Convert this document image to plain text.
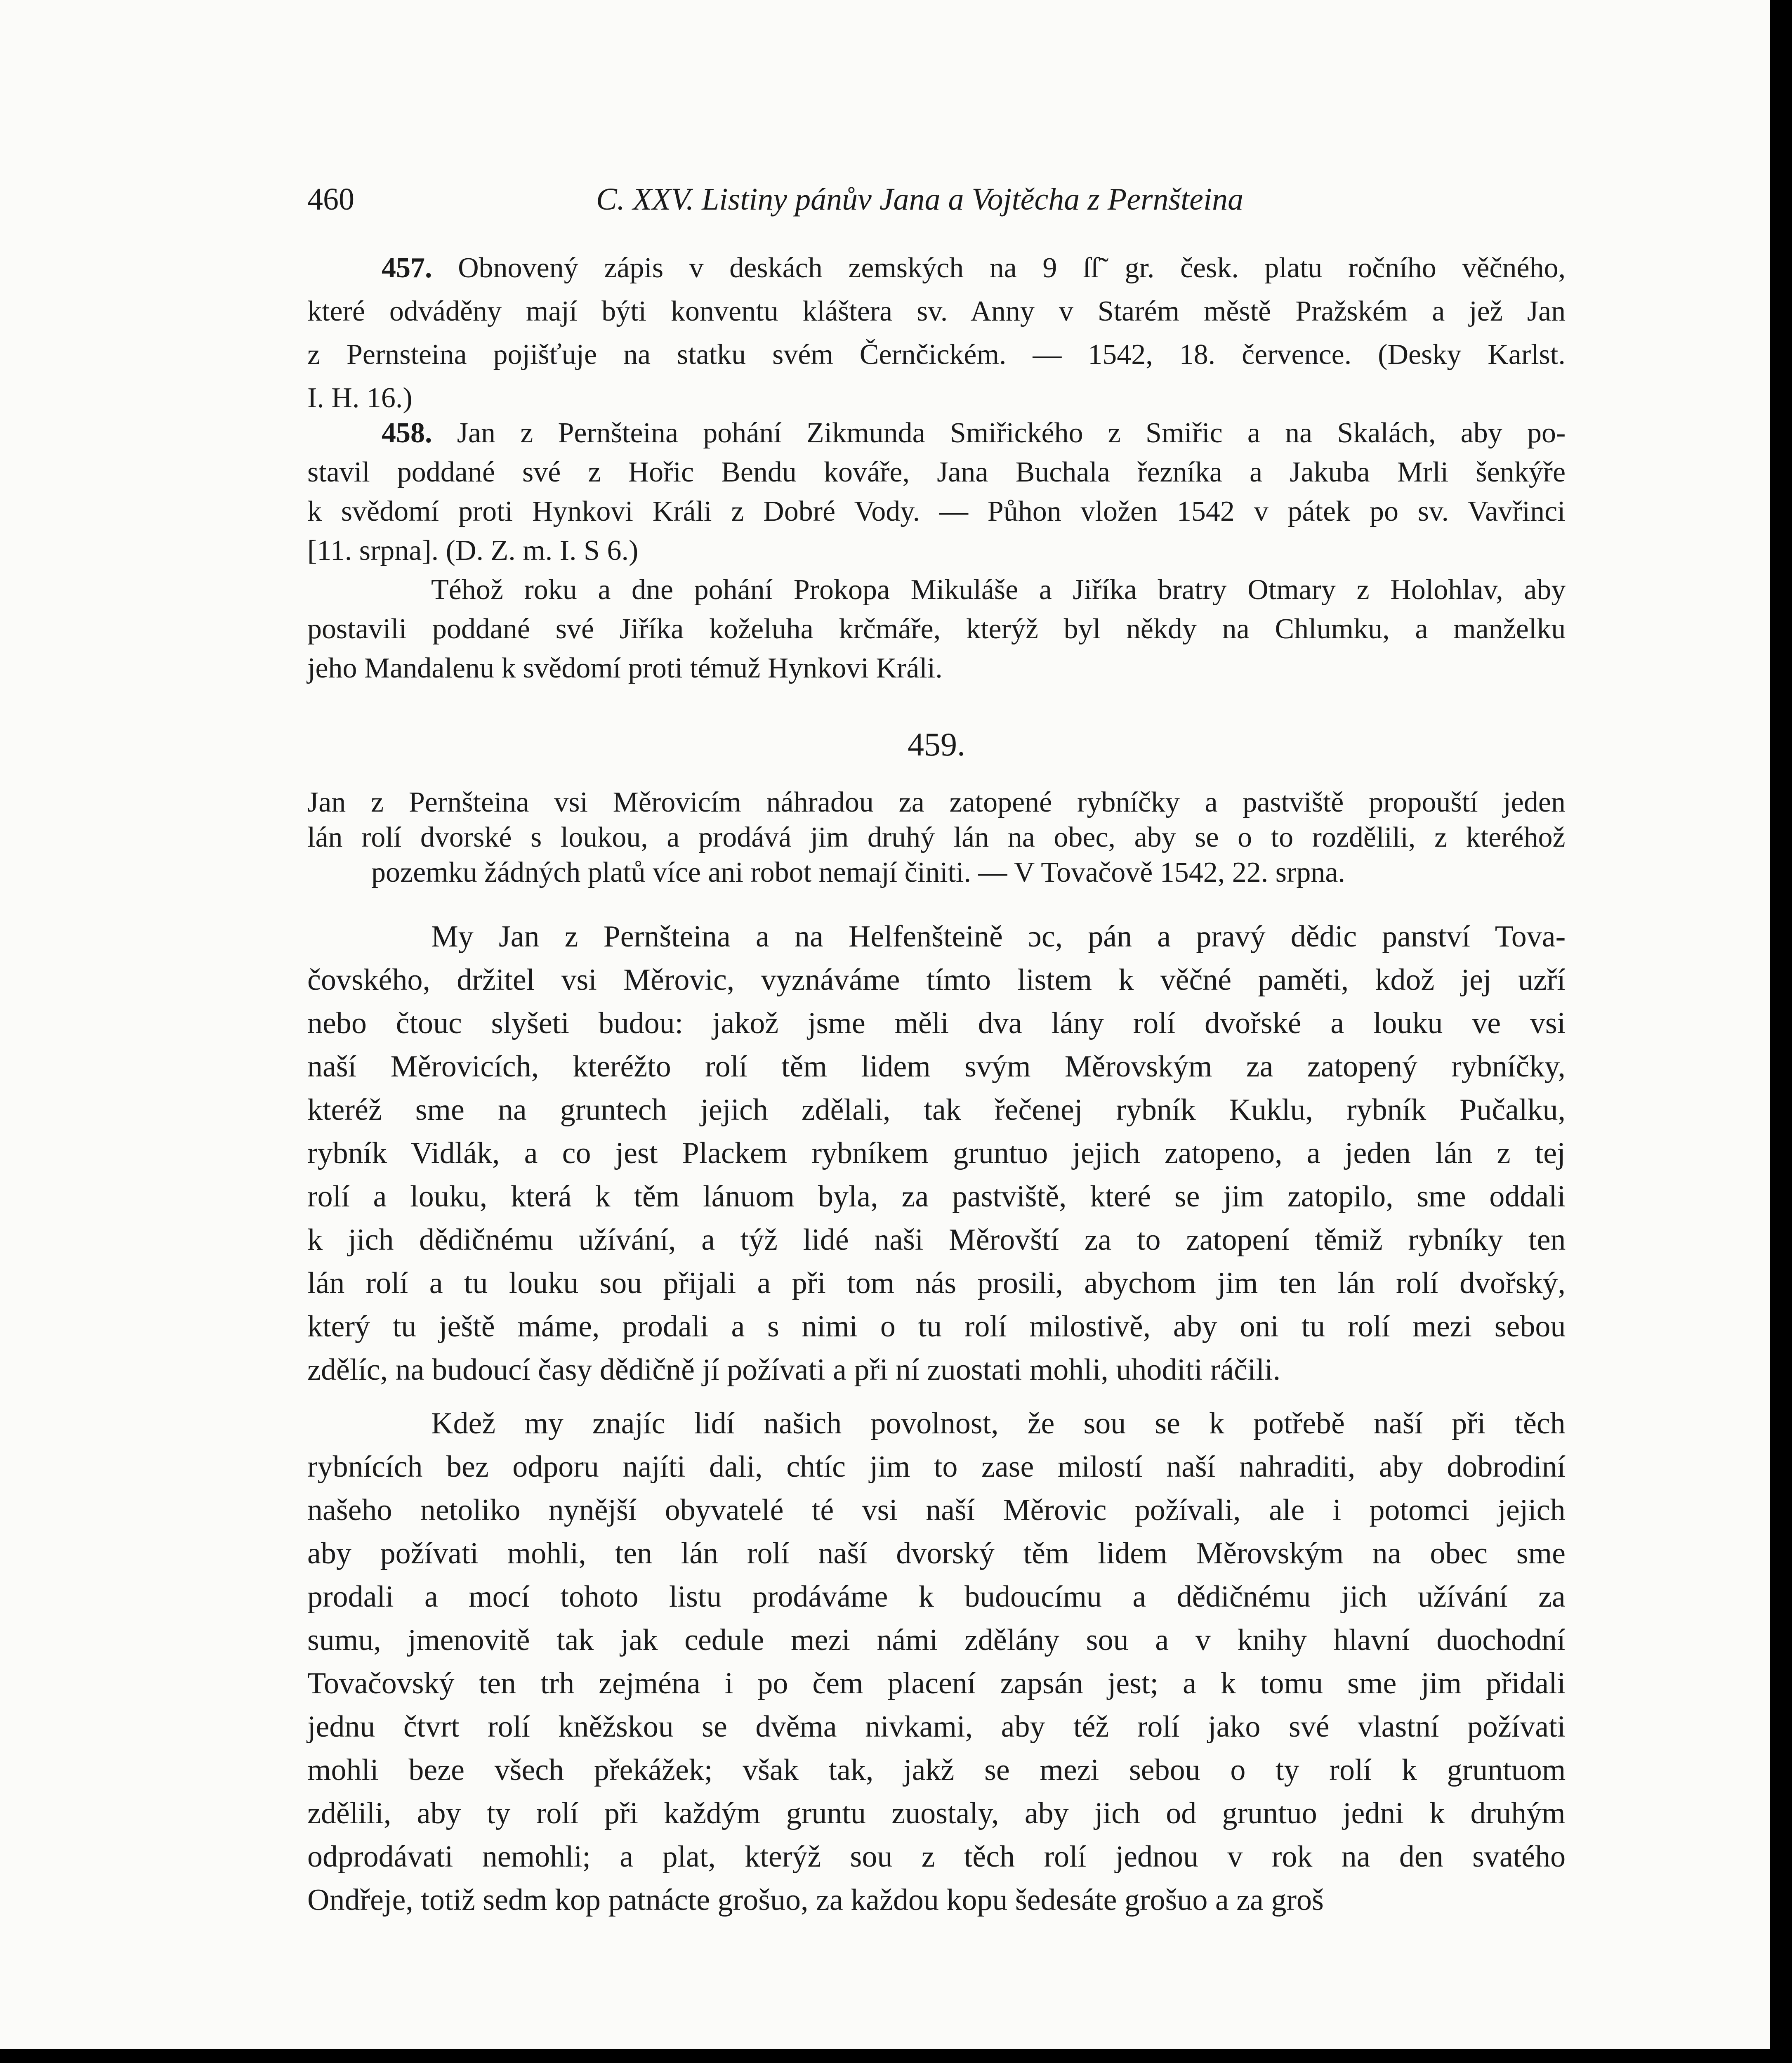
460	C. XXV. Listiny pánův Jana a Vojtěcha z Pernšteina
457. Obnovený zápis v deskách zemských na 9 ſſ̃ gr. česk. platu ročního věčného,
které odváděny mají býti konventu kláštera sv. Anny v Starém městě Pražském a jež Jan
z Pernsteina pojišťuje na statku svém Černčickém. — 1542, 18. července. (Desky Karlst.
I. H. 16.)
458. Jan z Pernšteina pohání Zikmunda Smiřického z Smiřic a na Skalách, aby po-
stavil poddané své z Hořic Bendu kováře, Jana Buchala řezníka a Jakuba Mrli šenkýře
k svědomí proti Hynkovi Králi z Dobré Vody. — Půhon vložen 1542 v pátek po sv. Vavřinci
[11. srpna]. (D. Z. m. I. S 6.)
Téhož roku a dne pohání Prokopa Mikuláše a Jiříka bratry Otmary z Holohlav, aby
postavili poddané své Jiříka koželuha krčmáře, kterýž byl někdy na Chlumku, a manželku
jeho Mandalenu k svědomí proti témuž Hynkovi Králi.
459.
Jan z Pernšteina vsi Měrovicím náhradou za zatopené rybníčky a pastviště propouští jeden
lán rolí dvorské s loukou, a prodává jim druhý lán na obec, aby se o to rozdělili, z kteréhož
pozemku žádných platů více ani robot nemají činiti. — V Tovačově 1542, 22. srpna.
My Jan z Pernšteina a na Helfenšteině ɔc, pán a pravý dědic panství Tova-
čovského, držitel vsi Měrovic, vyznáváme tímto listem k věčné paměti, kdož jej uzří
nebo čtouc slyšeti budou: jakož jsme měli dva lány rolí dvořské a louku ve vsi
naší Měrovicích, kteréžto rolí těm lidem svým Měrovským za zatopený rybníčky,
kteréž sme na gruntech jejich zdělali, tak řečenej rybník Kuklu, rybník Pučalku,
rybník Vidlák, a co jest Plackem rybníkem gruntuo jejich zatopeno, a jeden lán z tej
rolí a louku, která k těm lánuom byla, za pastviště, které se jim zatopilo, sme oddali
k jich dědičnému užívání, a týž lidé naši Měrovští za to zatopení těmiž rybníky ten
lán rolí a tu louku sou přijali a při tom nás prosili, abychom jim ten lán rolí dvořský,
který tu ještě máme, prodali a s nimi o tu rolí milostivě, aby oni tu rolí mezi sebou
zdělíc, na budoucí časy dědičně jí požívati a při ní zuostati mohli, uhoditi ráčili.
Kdež my znajíc lidí našich povolnost, že sou se k potřebě naší při těch
rybnících bez odporu najíti dali, chtíc jim to zase milostí naší nahraditi, aby dobrodiní
našeho netoliko nynější obyvatelé té vsi naší Měrovic požívali, ale i potomci jejich
aby požívati mohli, ten lán rolí naší dvorský těm lidem Měrovským na obec sme
prodali a mocí tohoto listu prodáváme k budoucímu a dědičnému jich užívání za
sumu, jmenovitě tak jak cedule mezi námi zdělány sou a v knihy hlavní duochodní
Tovačovský ten trh zejména i po čem placení zapsán jest; a k tomu sme jim přidali
jednu čtvrt rolí kněžskou se dvěma nivkami, aby též rolí jako své vlastní požívati
mohli beze všech překážek; však tak, jakž se mezi sebou o ty rolí k gruntuom
zdělili, aby ty rolí při každým gruntu zuostaly, aby jich od gruntuo jedni k druhým
odprodávati nemohli; a plat, kterýž sou z těch rolí jednou v rok na den svatého
Ondřeje, totiž sedm kop patnácte grošuo, za každou kopu šedesáte grošuo a za groš
